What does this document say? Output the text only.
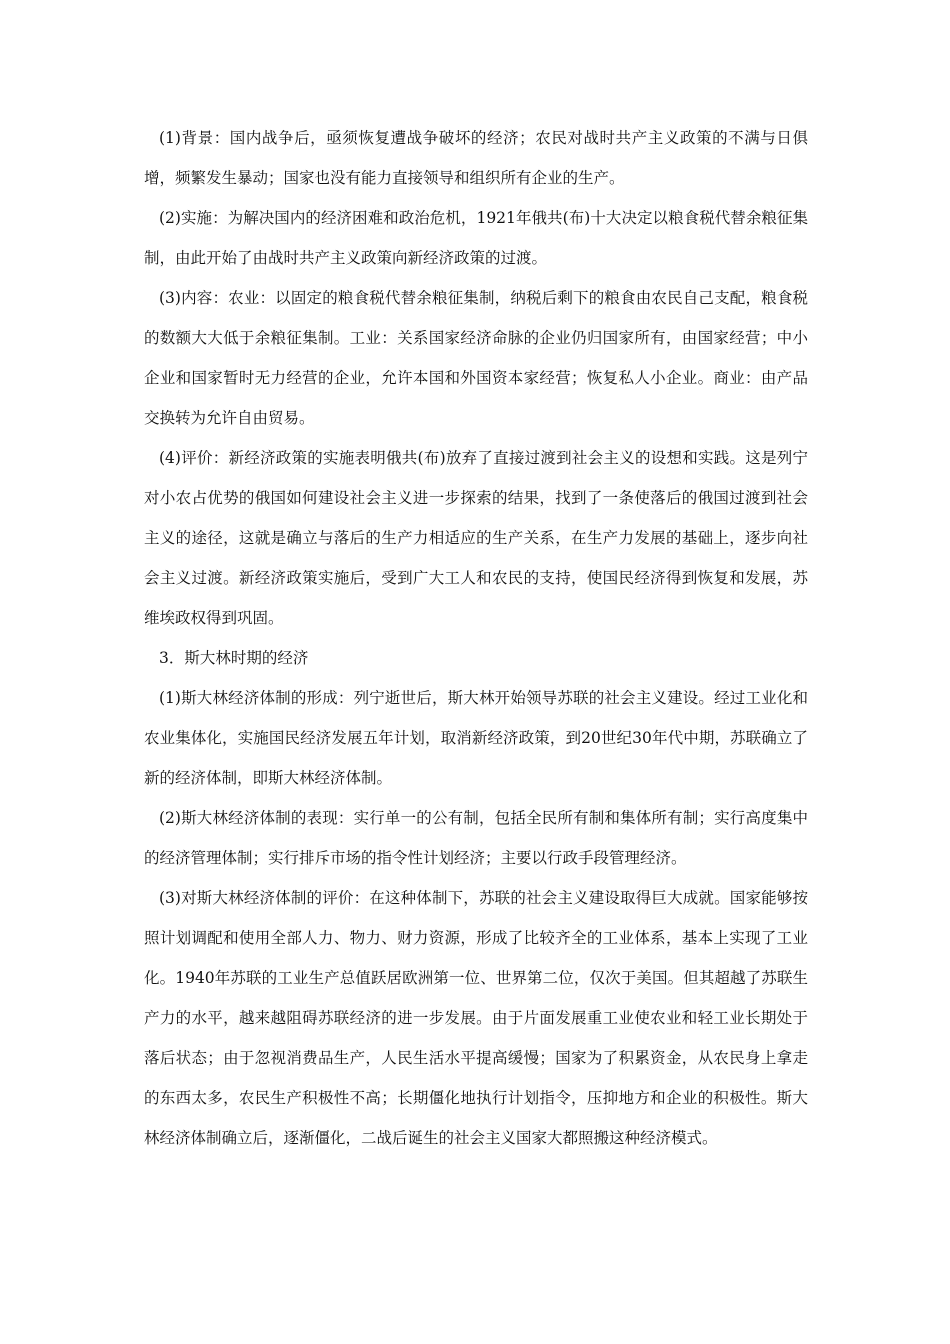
(1)背景：国内战争后，亟须恢复遭战争破坏的经济；农民对战时共产主义政策的不满与日俱增，频繁发生暴动；国家也没有能力直接领导和组织所有企业的生产。

(2)实施：为解决国内的经济困难和政治危机，1921年俄共(布)十大决定以粮食税代替余粮征集制，由此开始了由战时共产主义政策向新经济政策的过渡。

(3)内容：农业：以固定的粮食税代替余粮征集制，纳税后剩下的粮食由农民自己支配，粮食税的数额大大低于余粮征集制。工业：关系国家经济命脉的企业仍归国家所有，由国家经营；中小企业和国家暂时无力经营的企业，允许本国和外国资本家经营；恢复私人小企业。商业：由产品交换转为允许自由贸易。

(4)评价：新经济政策的实施表明俄共(布)放弃了直接过渡到社会主义的设想和实践。这是列宁对小农占优势的俄国如何建设社会主义进一步探索的结果，找到了一条使落后的俄国过渡到社会主义的途径，这就是确立与落后的生产力相适应的生产关系，在生产力发展的基础上，逐步向社会主义过渡。新经济政策实施后，受到广大工人和农民的支持，使国民经济得到恢复和发展，苏维埃政权得到巩固。

3．斯大林时期的经济

(1)斯大林经济体制的形成：列宁逝世后，斯大林开始领导苏联的社会主义建设。经过工业化和农业集体化，实施国民经济发展五年计划，取消新经济政策，到20世纪30年代中期，苏联确立了新的经济体制，即斯大林经济体制。

(2)斯大林经济体制的表现：实行单一的公有制，包括全民所有制和集体所有制；实行高度集中的经济管理体制；实行排斥市场的指令性计划经济；主要以行政手段管理经济。

(3)对斯大林经济体制的评价：在这种体制下，苏联的社会主义建设取得巨大成就。国家能够按照计划调配和使用全部人力、物力、财力资源，形成了比较齐全的工业体系，基本上实现了工业化。1940年苏联的工业生产总值跃居欧洲第一位、世界第二位，仅次于美国。但其超越了苏联生产力的水平，越来越阻碍苏联经济的进一步发展。由于片面发展重工业使农业和轻工业长期处于落后状态；由于忽视消费品生产，人民生活水平提高缓慢；国家为了积累资金，从农民身上拿走的东西太多，农民生产积极性不高；长期僵化地执行计划指令，压抑地方和企业的积极性。斯大林经济体制确立后，逐渐僵化，二战后诞生的社会主义国家大都照搬这种经济模式。
